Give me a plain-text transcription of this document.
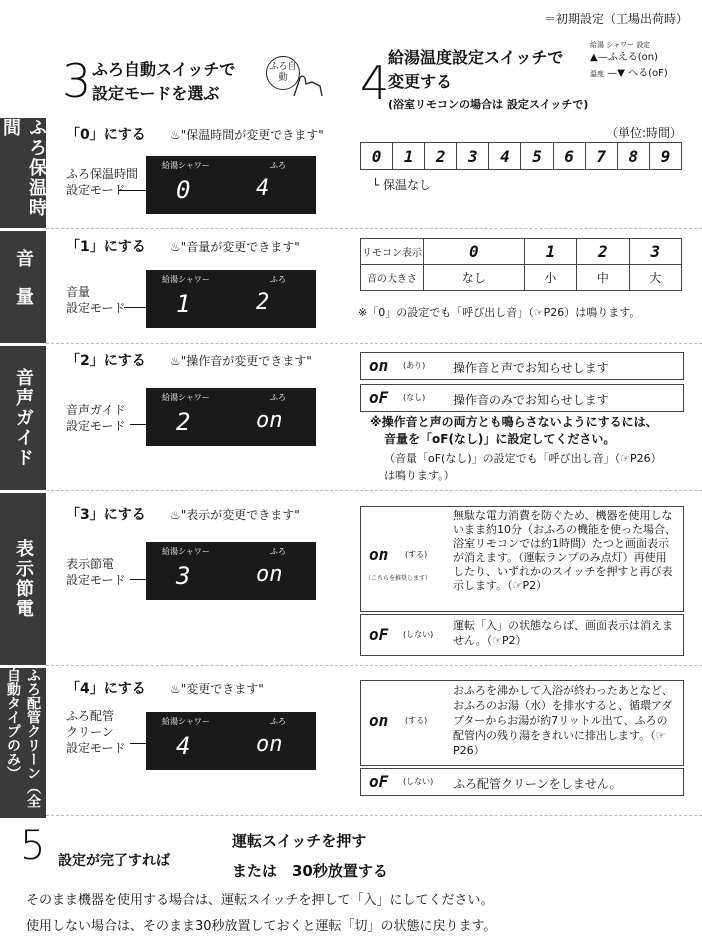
＝初期設定（工場出荷時）
3 ふろ自動スイッチで
設定モードを選ぶ
ふろ自動 4
給湯温度設定スイッチで
変更する
(浴室リモコンの場合は 設定スイッチで)
給湯 シャワー 設定
▲—ふえる(on)
温度 —▼ へる(oF)
ふろ保温時間
音量
音声ガイド
表示節電
ふろ配管クリーン（全自動タイプのみ）
「0」にする ♨"保温時間が変更できます"
ふろ保温時間
設定モード
給湯シャワー	ふろ
0	4
（単位:時間）
0	1	2	3	4	5	6	7	8	9
└ 保温なし
「1」にする ♨"音量が変更できます"
音量
設定モード
給湯シャワー	ふろ
1	2
リモコン表示	0	1	2	3
音の大きさ	なし	小	中	大
※「0」の設定でも「呼び出し音」（☞P26）は鳴ります。
「2」にする ♨"操作音が変更できます"
音声ガイド
設定モード
給湯シャワー	ふろ
2	on
on (あり) 操作音と声でお知らせします
oF (なし) 操作音のみでお知らせします
※操作音と声の両方とも鳴らさないようにするには、
音量を「oF(なし)」に設定してください。
（音量「oF(なし)」の設定でも「呼び出し音」（☞P26）
は鳴ります。）
「3」にする ♨"表示が変更できます"
表示節電
設定モード
給湯シャワー	ふろ
3	on
on (する)
（こちらを推奨します）
無駄な電力消費を防ぐため、機器を使用しないまま約10分（おふろの機能を使った場合、浴室リモコンでは約1時間）たつと画面表示が消えます。（運転ランプのみ点灯）再使用したり、いずれかのスイッチを押すと再び表示します。（☞P2）
oF (しない)
運転「入」の状態ならば、画面表示は消えません。（☞P2）
「4」にする ♨"変更できます"
ふろ配管
クリーン
設定モード
給湯シャワー	ふろ
4	on
on (する)
おふろを沸かして入浴が終わったあとなど、おふろのお湯（水）を排水すると、循環アダプターからお湯が約7リットル出て、ふろの配管内の残り湯をきれいに排出します。（☞P26）
oF (しない) ふろ配管クリーンをしません。
5 設定が完了すれば
運転スイッチを押す
または　30秒放置する
そのまま機器を使用する場合は、運転スイッチを押して「入」にしてください。
使用しない場合は、そのまま30秒放置しておくと運転「切」の状態に戻ります。
